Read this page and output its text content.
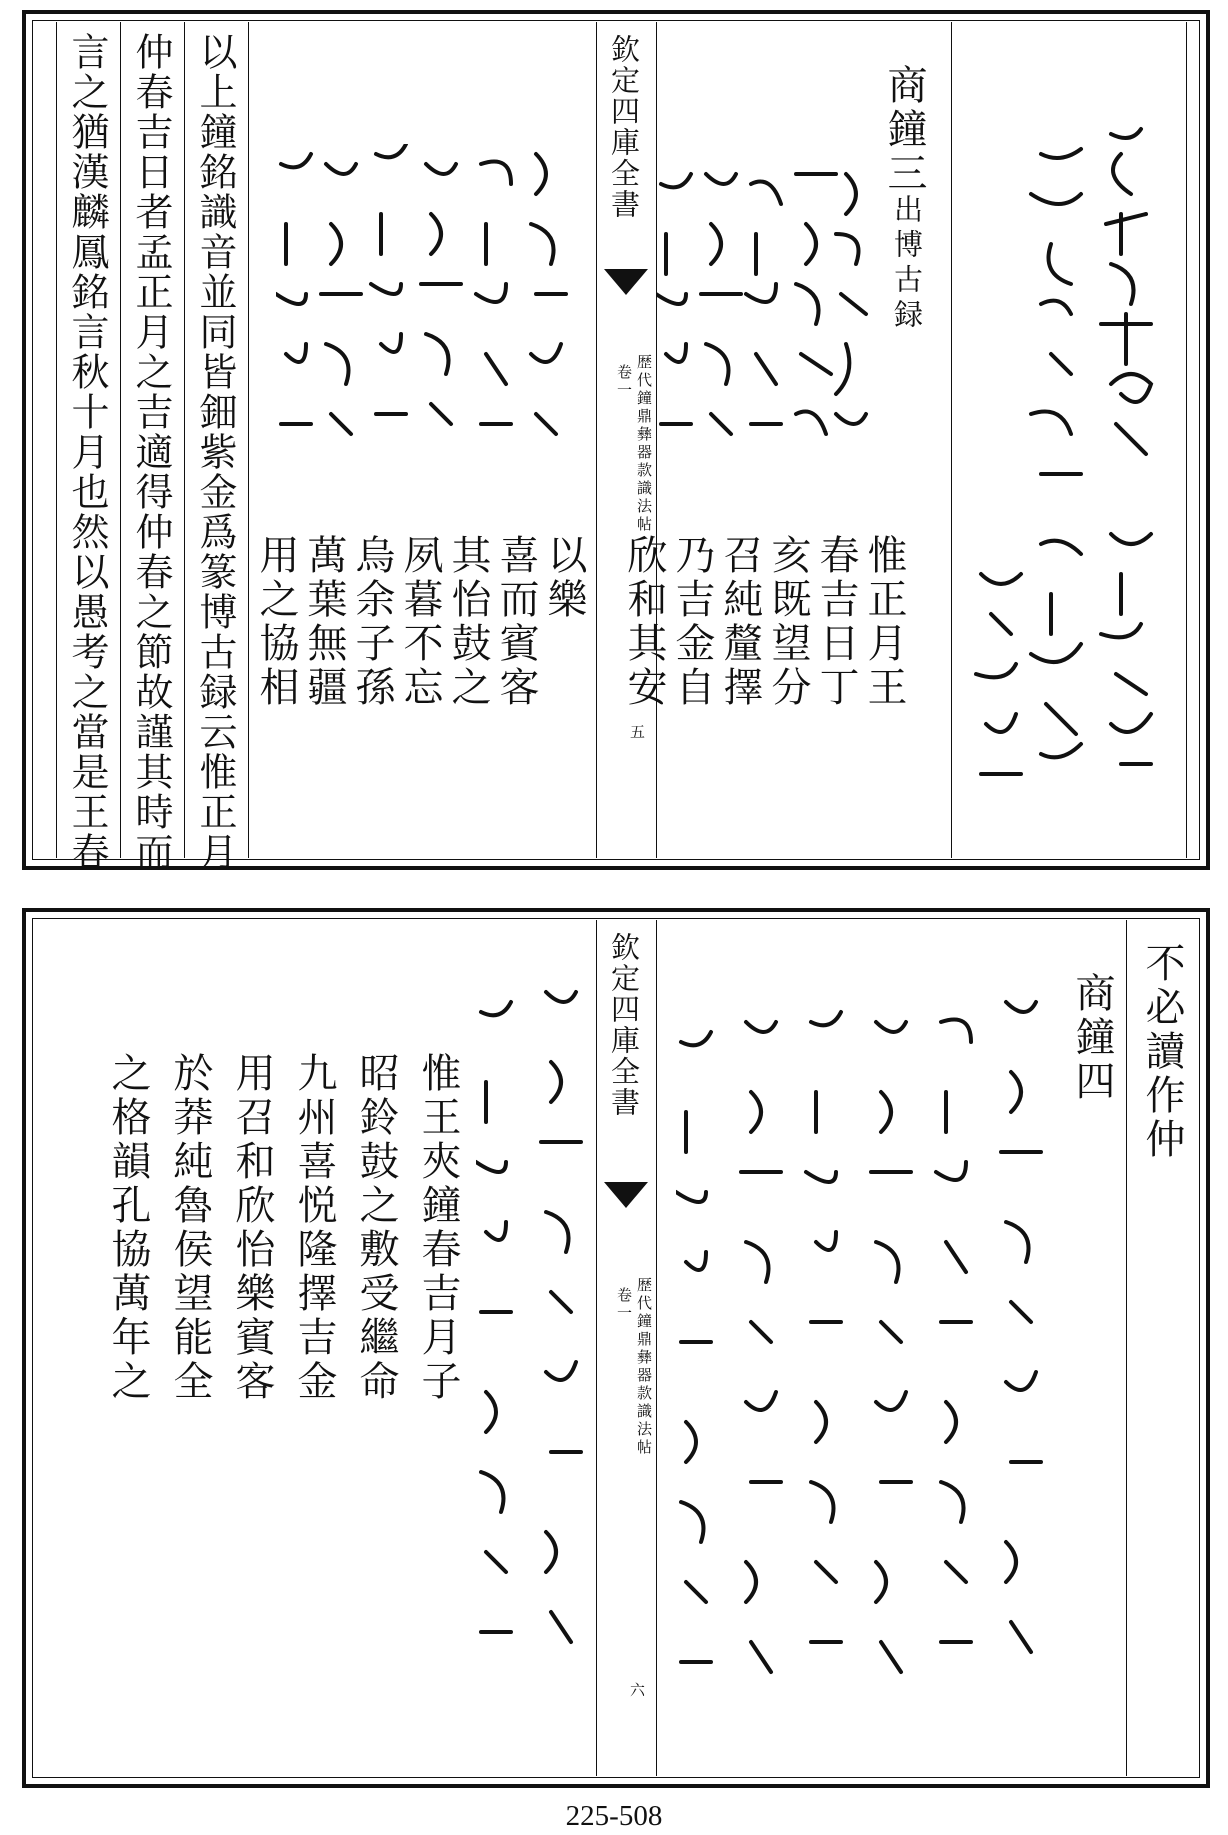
商鐘三
出博古録
惟正月王
春吉日丁
亥既望分
召純釐擇
乃吉金自
欣和其安
欽定四庫全書
歴代鐘鼎彝器款識法帖
卷一
五
以樂
喜而賓客
其怡鼓之
夙暮不忘
烏余子孫
萬葉無疆
用之協相
以上鐘銘識音並同皆鈿紫金爲篆博古録云惟正月
仲春吉日者孟正月之吉適得仲春之節故謹其時而
言之猶漢麟鳳銘言秋十月也然以愚考之當是王春
不必讀作仲
商鐘四
欽定四庫全書
歴代鐘鼎彝器款識法帖
卷一
六
惟王夾鐘春吉月子
昭鈴鼓之敷受繼命
九州喜悦隆擇吉金
用召和欣怡樂賓客
於莽純魯侯望能全
之格韻孔協萬年之
225-508
